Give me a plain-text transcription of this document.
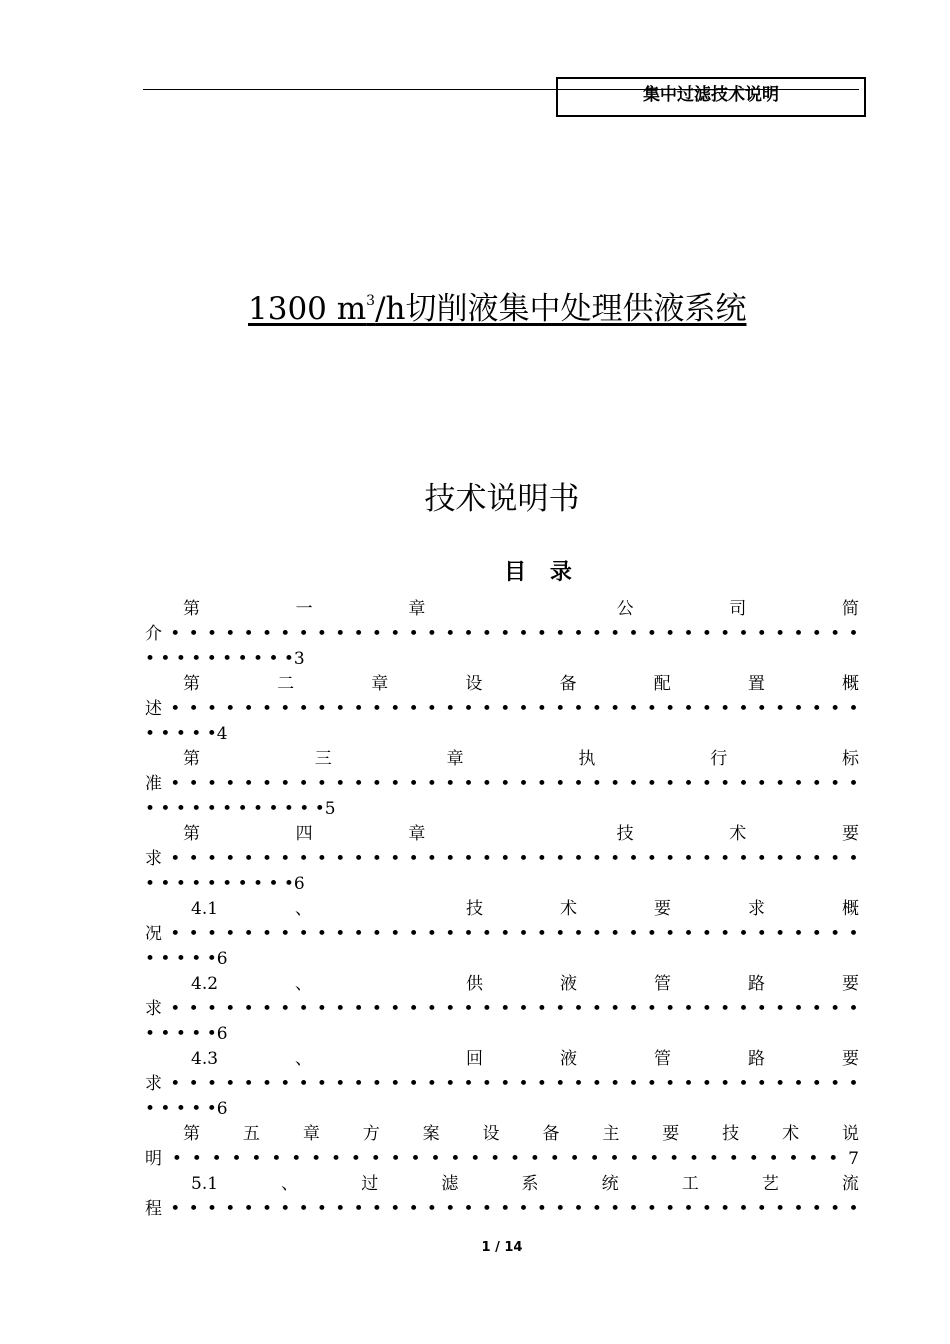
集中过滤技术说明
1300 $m^3/h$切削液集中处理供液系统
技术说明书
目 录
第	一	章	公	司	简
介 • • • • • • • • • • • • • • • • • • • • • • • • • • • • • • • • • • • • • •
• • • • • • • • • •3
第	二	章	设	备	配	置	概
述 • • • • • • • • • • • • • • • • • • • • • • • • • • • • • • • • • • • • • •
• • • • •4
第	三	章	执	行	标
准 • • • • • • • • • • • • • • • • • • • • • • • • • • • • • • • • • • • • • •
• • • • • • • • • • • •5
第	四	章	技	术	要
求 • • • • • • • • • • • • • • • • • • • • • • • • • • • • • • • • • • • • • •
• • • • • • • • • •6
4.1	、	技	术	要	求	概
况 • • • • • • • • • • • • • • • • • • • • • • • • • • • • • • • • • • • • • •
• • • • •6
4.2	、	供	液	管	路	要
求 • • • • • • • • • • • • • • • • • • • • • • • • • • • • • • • • • • • • • •
• • • • •6
4.3	、	回	液	管	路	要
求 • • • • • • • • • • • • • • • • • • • • • • • • • • • • • • • • • • • • • •
• • • • •6
第	五	章	方	案	设	备	主	要	技	术	说
明 • • • • • • • • • • • • • • • • • • • • • • • • • • • • • • • • • • 7
5.1	、	过	滤	系	统	工	艺	流
程 • • • • • • • • • • • • • • • • • • • • • • • • • • • • • • • • • • • • • •
1 / 14
